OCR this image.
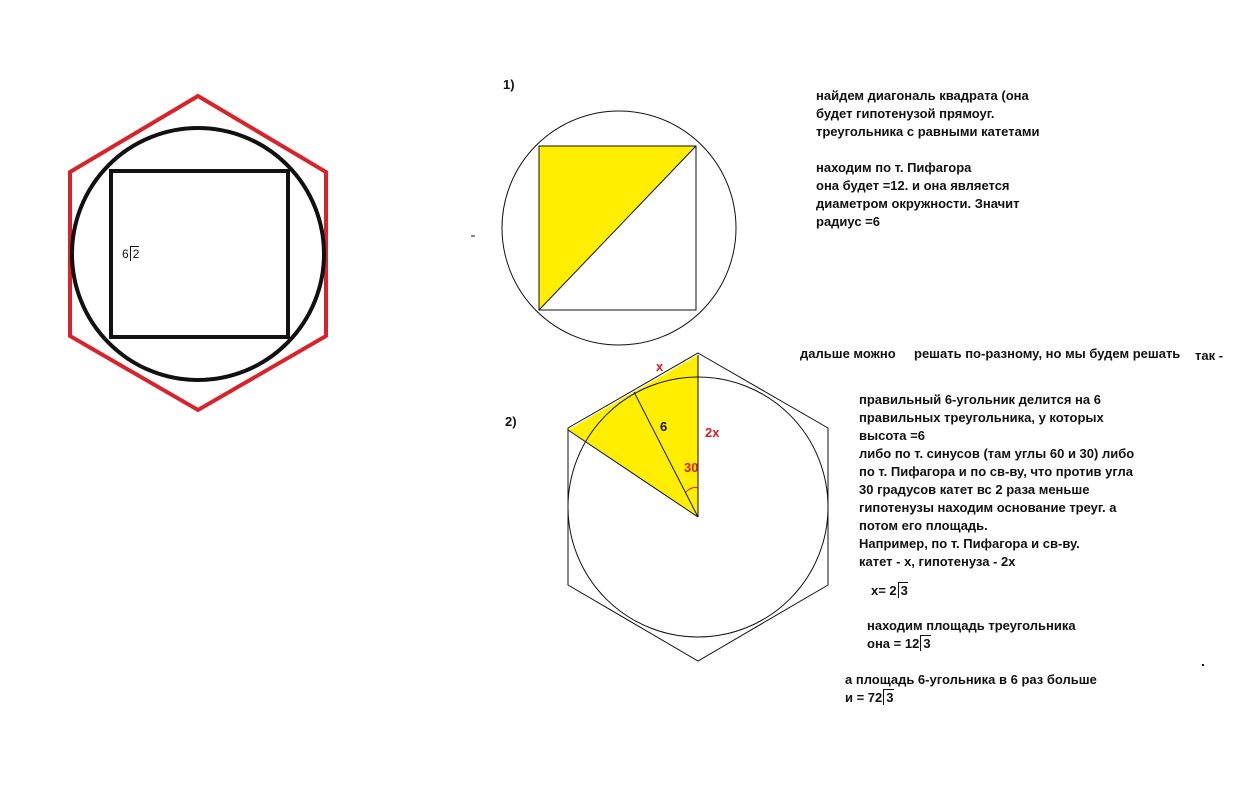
6 2
1)
найдем диагональ квадрата (она
будет гипотенузой прямоуг.
треугольника с равными катетами
находим по т. Пифагора
она будет =12. и она является
диаметром окружности. Значит
радиус =6
дальше можно решать по-разному, но мы будем решать так -
2)
x
6	2x
30
правильный 6-угольник делится на 6
правильных треугольника, у которых
высота =6
либо по т. синусов (там углы 60 и 30) либо
по т. Пифагора и по св-ву, что против угла
30 градусов катет вс 2 раза меньше
гипотенузы находим основание треуг. а
потом его площадь.
Например, по т. Пифагора и св-ву.
катет - x, гипотенуза - 2x
x= 2 3
находим площадь треугольника
она = 12 3
а площадь 6-угольника в 6 раз больше
и = 72 3
